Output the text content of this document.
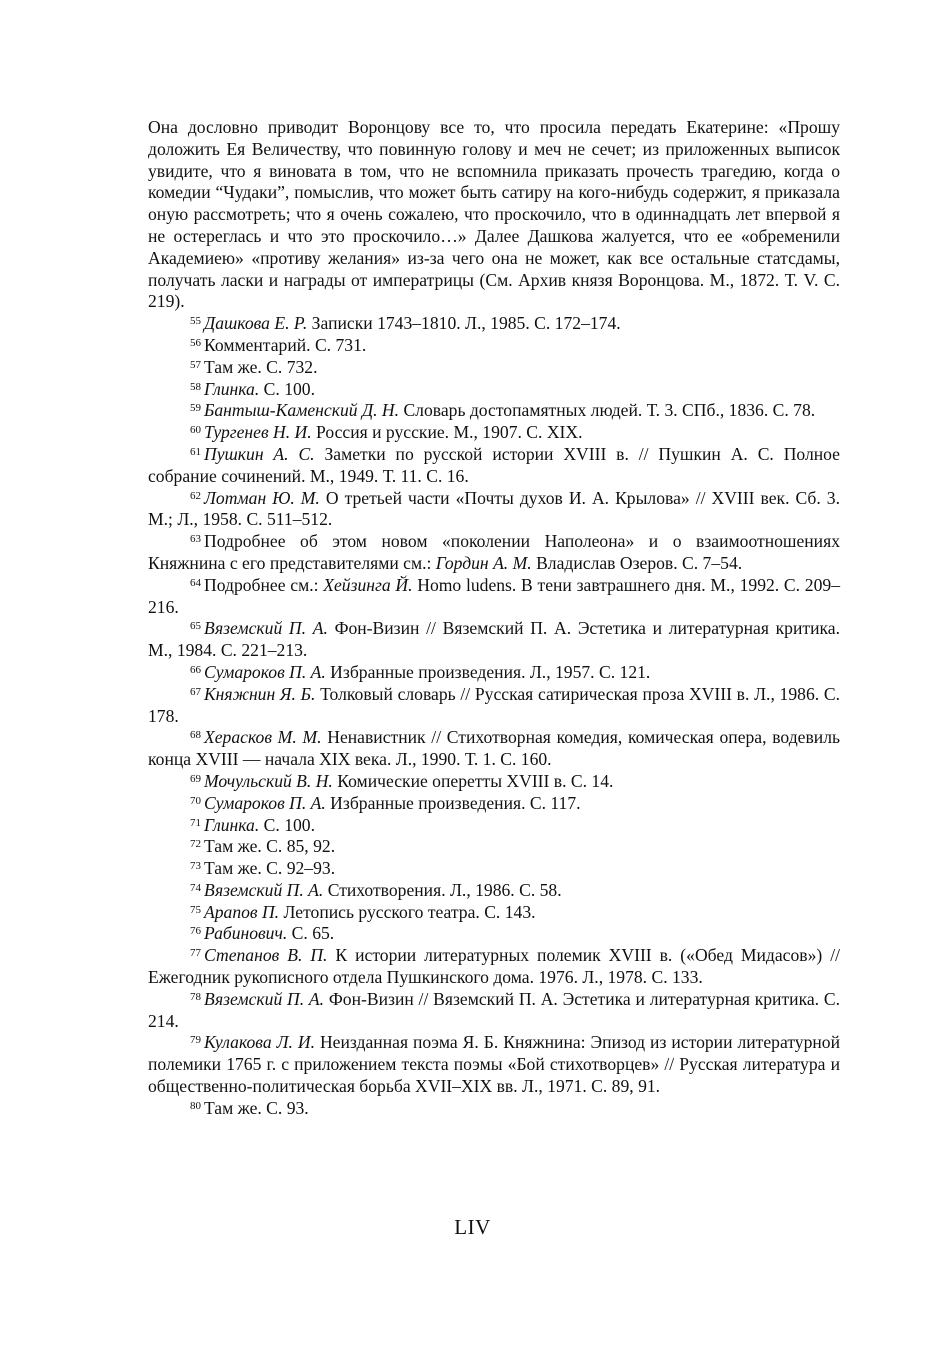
Она дословно приводит Воронцову все то, что просила передать Екатерине: «Прошу доложить Ея Величеству, что повинную голову и меч не сечет; из приложенных выписок увидите, что я виновата в том, что не вспомнила приказать прочесть трагедию, когда о комедии “Чудаки”, помыслив, что может быть сатиру на кого-нибудь содержит, я приказала оную рассмотреть; что я очень сожалею, что проскочило, что в одиннадцать лет впервой я не остереглась и что это проскочило…» Далее Дашкова жалуется, что ее «обременили Академиею» «противу желания» из-за чего она не может, как все остальные статсдамы, получать ласки и награды от императрицы (См. Архив князя Воронцова. М., 1872. Т. V. С. 219).

$^{55}$ Дашкова Е. Р. Записки 1743–1810. Л., 1985. С. 172–174.

$^{56}$ Комментарий. С. 731.

$^{57}$ Там же. С. 732.

$^{58}$ Глинка. С. 100.

$^{59}$ Бантыш-Каменский Д. Н. Словарь достопамятных людей. Т. 3. СПб., 1836. С. 78.

$^{60}$ Тургенев Н. И. Россия и русские. М., 1907. С. XIX.

$^{61}$ Пушкин А. С. Заметки по русской истории XVIII в. // Пушкин А. С. Полное собрание сочинений. М., 1949. Т. 11. С. 16.

$^{62}$ Лотман Ю. М. О третьей части «Почты духов И. А. Крылова» // XVIII век. Сб. 3. М.; Л., 1958. С. 511–512.

$^{63}$ Подробнее об этом новом «поколении Наполеона» и о взаимоотношениях Княжнина с его представителями см.: Гордин А. М. Владислав Озеров. С. 7–54.

$^{64}$ Подробнее см.: Хейзинга Й. Homo ludens. В тени завтрашнего дня. М., 1992. С. 209–216.

$^{65}$ Вяземский П. А. Фон-Визин // Вяземский П. А. Эстетика и литературная критика. М., 1984. С. 221–213.

$^{66}$ Сумароков П. А. Избранные произведения. Л., 1957. С. 121.

$^{67}$ Княжнин Я. Б. Толковый словарь // Русская сатирическая проза XVIII в. Л., 1986. С. 178.

$^{68}$ Херасков М. М. Ненавистник // Стихотворная комедия, комическая опера, водевиль конца XVIII — начала XIX века. Л., 1990. Т. 1. С. 160.

$^{69}$ Мочульский В. Н. Комические оперетты XVIII в. С. 14.

$^{70}$ Сумароков П. А. Избранные произведения. С. 117.

$^{71}$ Глинка. С. 100.

$^{72}$ Там же. С. 85, 92.

$^{73}$ Там же. С. 92–93.

$^{74}$ Вяземский П. А. Стихотворения. Л., 1986. С. 58.

$^{75}$ Арапов П. Летопись русского театра. С. 143.

$^{76}$ Рабинович. С. 65.

$^{77}$ Степанов В. П. К истории литературных полемик XVIII в. («Обед Мидасов») // Ежегодник рукописного отдела Пушкинского дома. 1976. Л., 1978. С. 133.

$^{78}$ Вяземский П. А. Фон-Визин // Вяземский П. А. Эстетика и литературная критика. С. 214.

$^{79}$ Кулакова Л. И. Неизданная поэма Я. Б. Княжнина: Эпизод из истории литературной полемики 1765 г. с приложением текста поэмы «Бой стихотворцев» // Русская литература и общественно-политическая борьба XVII–XIX вв. Л., 1971. С. 89, 91.

$^{80}$ Там же. С. 93.

LIV
